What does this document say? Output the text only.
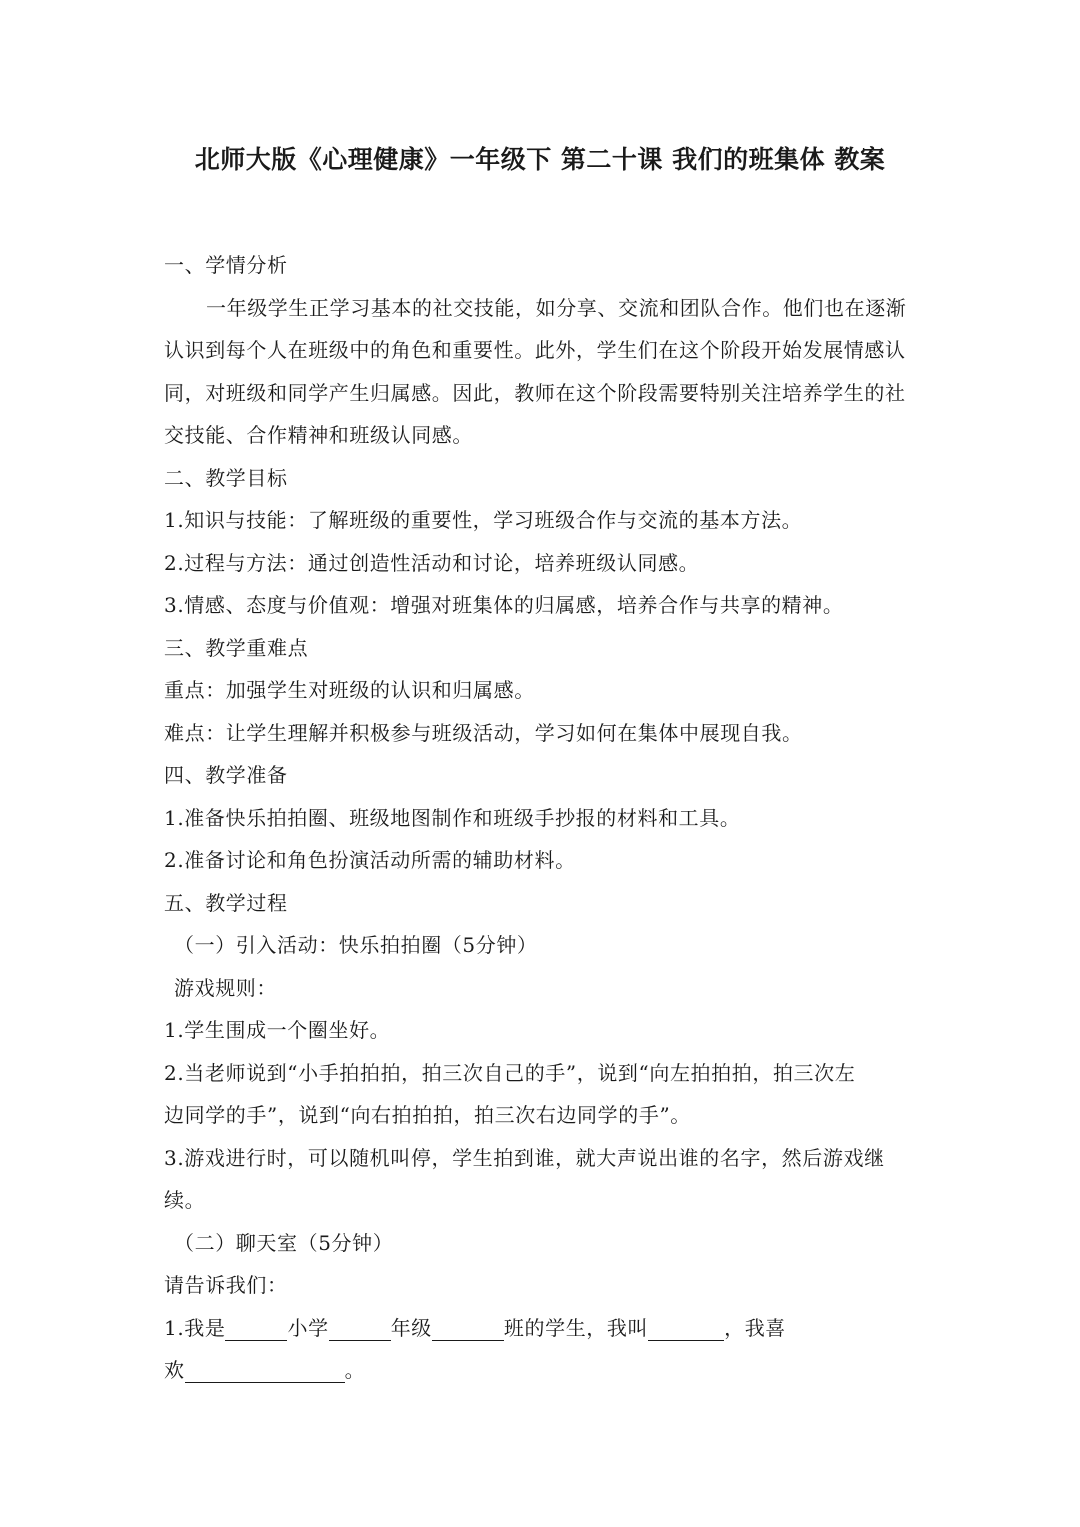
北师大版《心理健康》一年级下 第二十课 我们的班集体 教案
一、学情分析
一年级学生正学习基本的社交技能，如分享、交流和团队合作。他们也在逐渐认识到每个人在班级中的角色和重要性。此外，学生们在这个阶段开始发展情感认同，对班级和同学产生归属感。因此，教师在这个阶段需要特别关注培养学生的社交技能、合作精神和班级认同感。
二、教学目标
1.知识与技能：了解班级的重要性，学习班级合作与交流的基本方法。
2.过程与方法：通过创造性活动和讨论，培养班级认同感。
3.情感、态度与价值观：增强对班集体的归属感，培养合作与共享的精神。
三、教学重难点
重点：加强学生对班级的认识和归属感。
难点：让学生理解并积极参与班级活动，学习如何在集体中展现自我。
四、教学准备
1.准备快乐拍拍圈、班级地图制作和班级手抄报的材料和工具。
2.准备讨论和角色扮演活动所需的辅助材料。
五、教学过程
（一）引入活动：快乐拍拍圈（5分钟）
游戏规则：
1.学生围成一个圈坐好。
2.当老师说到“小手拍拍拍，拍三次自己的手”，说到“向左拍拍拍，拍三次左
边同学的手”，说到“向右拍拍拍，拍三次右边同学的手”。
3.游戏进行时，可以随机叫停，学生拍到谁，就大声说出谁的名字，然后游戏继
续。
（二）聊天室（5分钟）
请告诉我们：
1.我是	小学	年级	班的学生，我叫	，我喜
欢	。
